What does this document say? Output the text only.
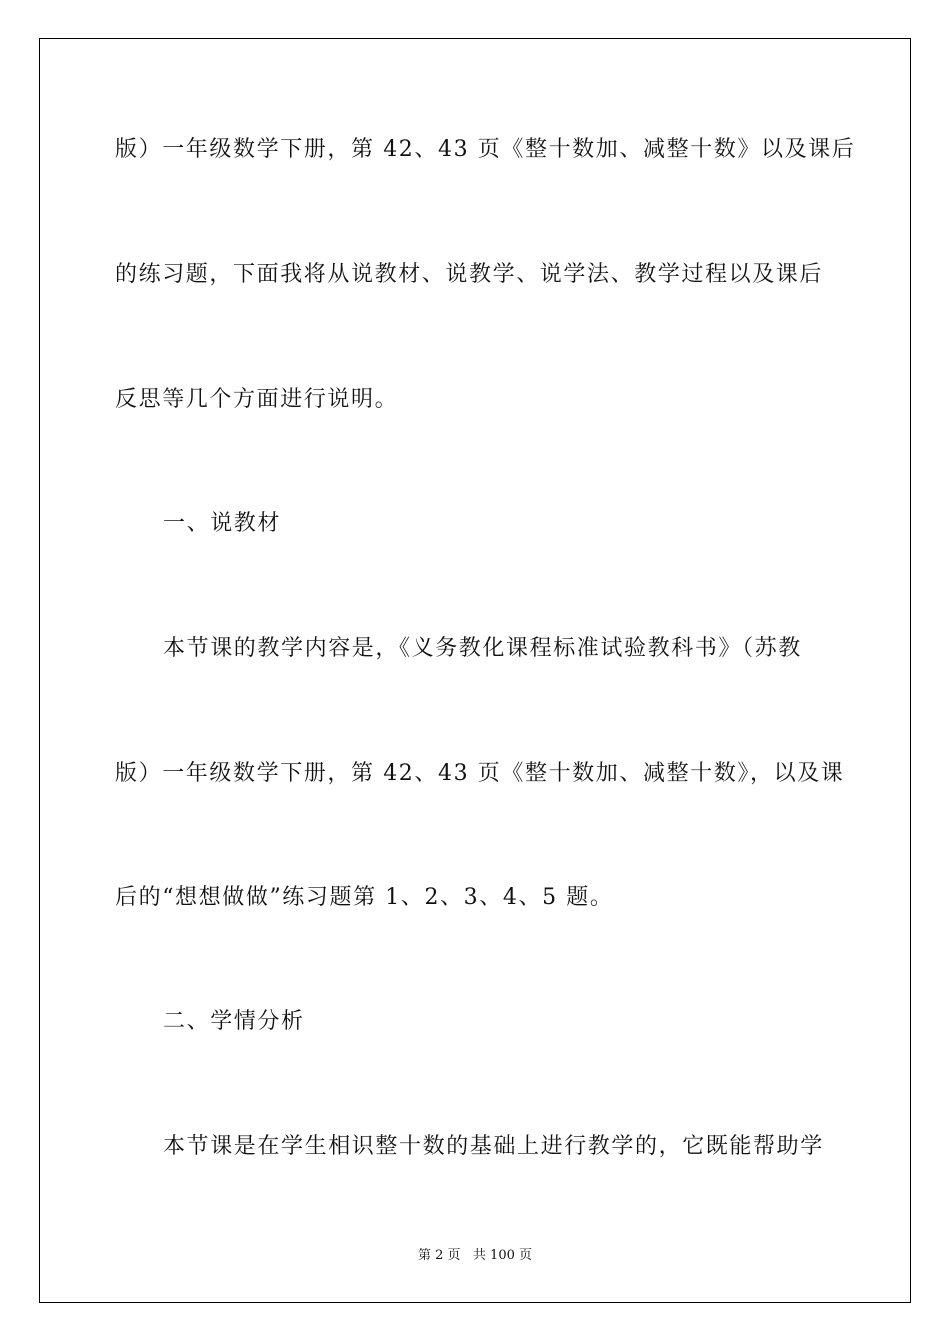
版）一年级数学下册，第 42、43 页《整十数加、减整十数》以及课后
的练习题，下面我将从说教材、说教学、说学法、教学过程以及课后
反思等几个方面进行说明。
一、说教材
本节课的教学内容是，《义务教化课程标准试验教科书》（苏教
版）一年级数学下册，第 42、43 页《整十数加、减整十数》，以及课
后的“想想做做”练习题第 1、2、3、4、5 题。
二、学情分析
本节课是在学生相识整十数的基础上进行教学的，它既能帮助学
第 2 页   共 100 页
